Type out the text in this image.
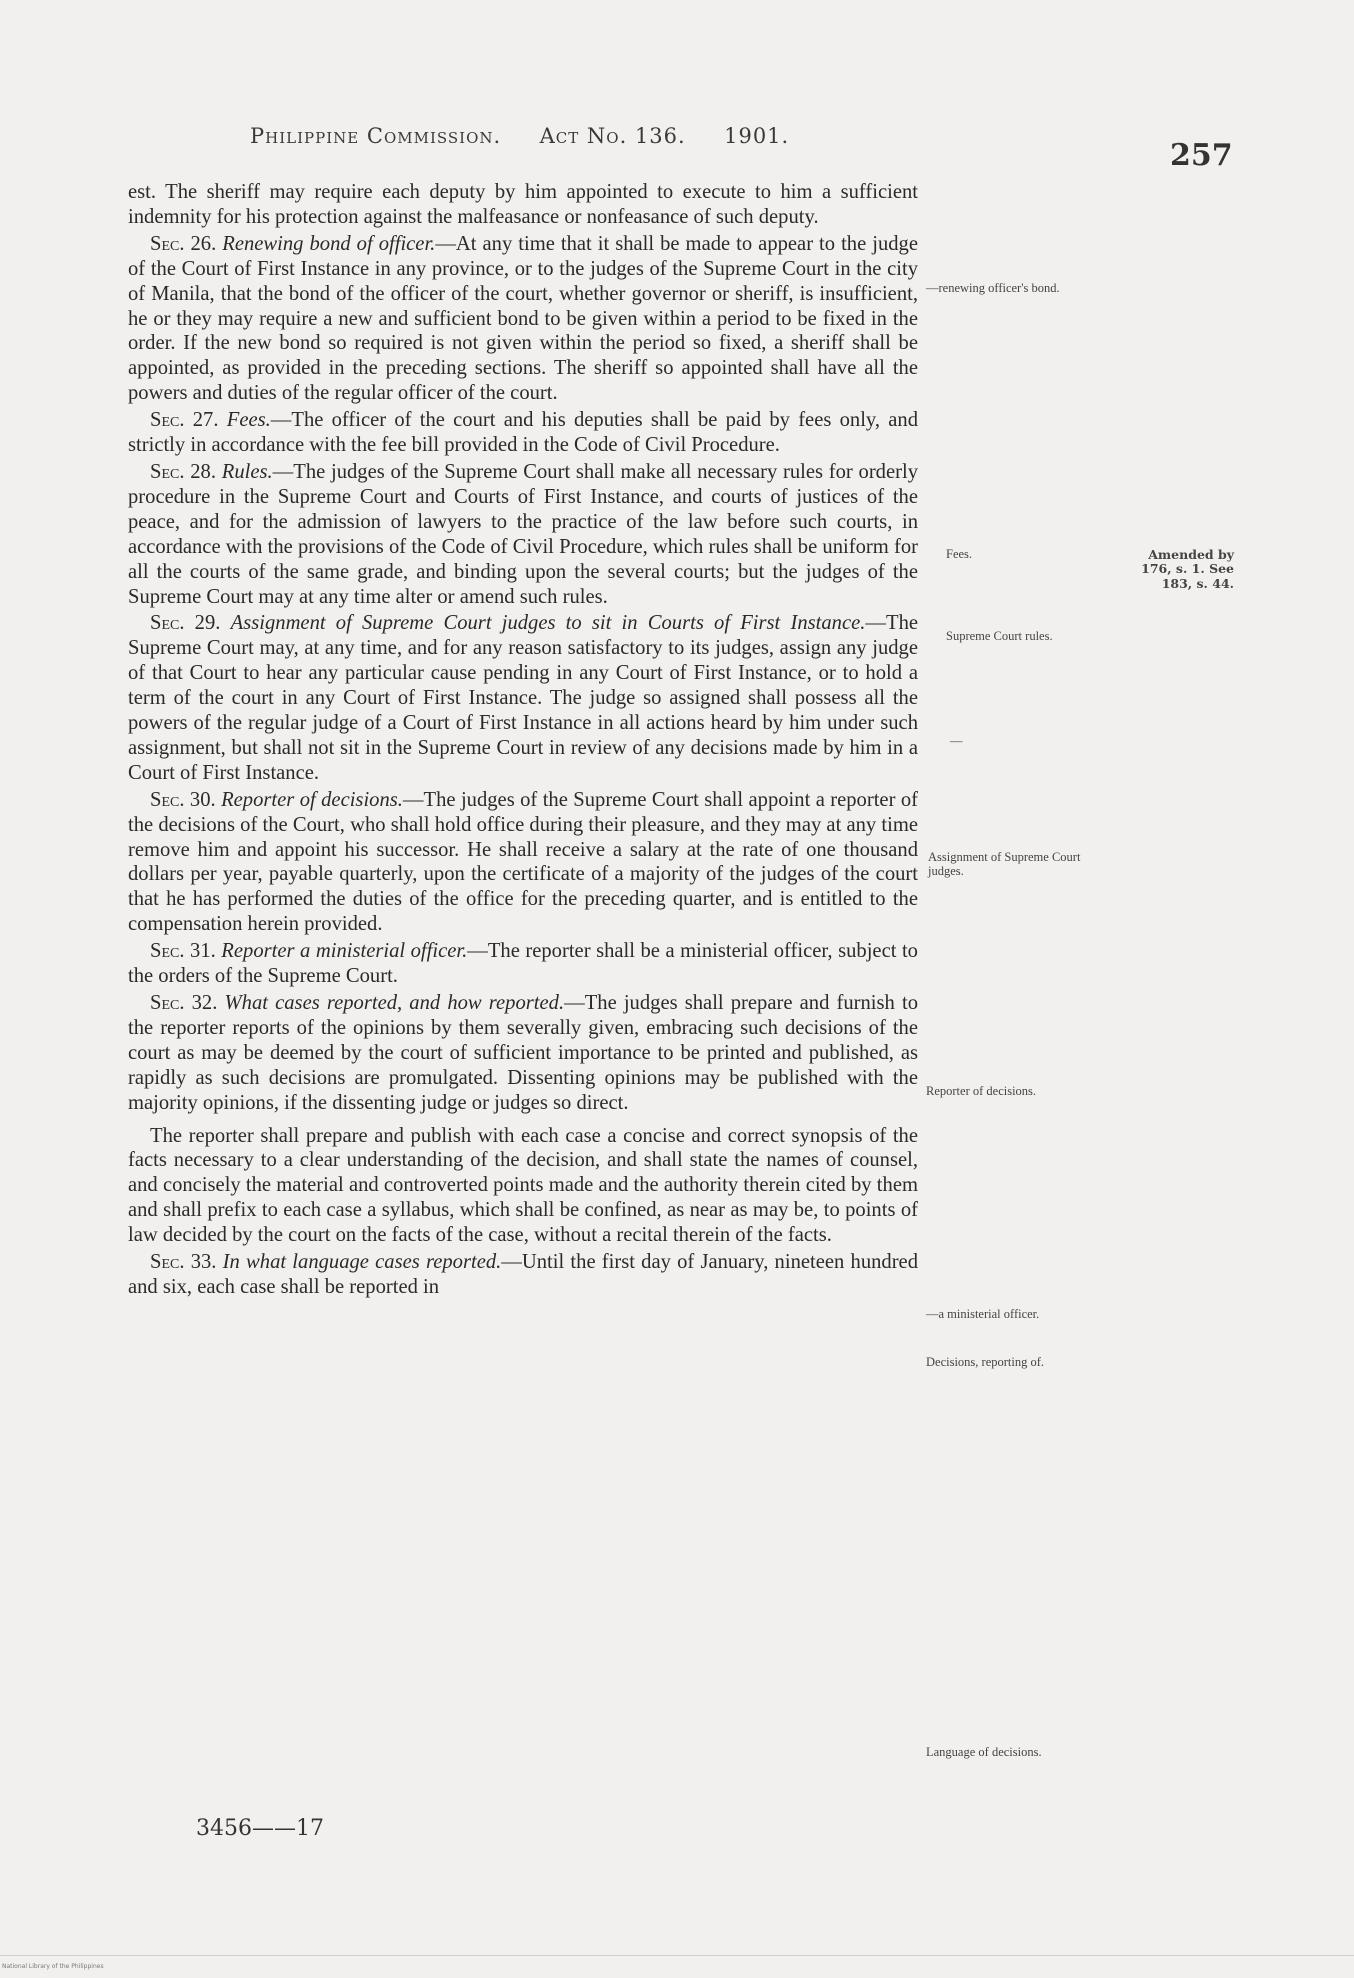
Philippine Commission. Act No. 136. 1901.
257

est. The sheriff may require each deputy by him appointed to execute to him a sufficient indemnity for his protection against the malfeasance or nonfeasance of such deputy.

Sec. 26. Renewing bond of officer.—At any time that it shall be made to appear to the judge of the Court of First Instance in any province, or to the judges of the Supreme Court in the city of Manila, that the bond of the officer of the court, whether governor or sheriff, is insufficient, he or they may require a new and sufficient bond to be given within a period to be fixed in the order. If the new bond so required is not given within the period so fixed, a sheriff shall be appointed, as provided in the preceding sections. The sheriff so appointed shall have all the powers and duties of the regular officer of the court.

Sec. 27. Fees.—The officer of the court and his deputies shall be paid by fees only, and strictly in accordance with the fee bill provided in the Code of Civil Procedure.

Sec. 28. Rules.—The judges of the Supreme Court shall make all necessary rules for orderly procedure in the Supreme Court and Courts of First Instance, and courts of justices of the peace, and for the admission of lawyers to the practice of the law before such courts, in accordance with the provisions of the Code of Civil Procedure, which rules shall be uniform for all the courts of the same grade, and binding upon the several courts; but the judges of the Supreme Court may at any time alter or amend such rules.

Sec. 29. Assignment of Supreme Court judges to sit in Courts of First Instance.—The Supreme Court may, at any time, and for any reason satisfactory to its judges, assign any judge of that Court to hear any particular cause pending in any Court of First Instance, or to hold a term of the court in any Court of First Instance. The judge so assigned shall possess all the powers of the regular judge of a Court of First Instance in all actions heard by him under such assignment, but shall not sit in the Supreme Court in review of any decisions made by him in a Court of First Instance.

Sec. 30. Reporter of decisions.—The judges of the Supreme Court shall appoint a reporter of the decisions of the Court, who shall hold office during their pleasure, and they may at any time remove him and appoint his successor. He shall receive a salary at the rate of one thousand dollars per year, payable quarterly, upon the certificate of a majority of the judges of the court that he has performed the duties of the office for the preceding quarter, and is entitled to the compensation herein provided.

Sec. 31. Reporter a ministerial officer.—The reporter shall be a ministerial officer, subject to the orders of the Supreme Court.

Sec. 32. What cases reported, and how reported.—The judges shall prepare and furnish to the reporter reports of the opinions by them severally given, embracing such decisions of the court as may be deemed by the court of sufficient importance to be printed and published, as rapidly as such decisions are promulgated. Dissenting opinions may be published with the majority opinions, if the dissenting judge or judges so direct.

The reporter shall prepare and publish with each case a concise and correct synopsis of the facts necessary to a clear understanding of the decision, and shall state the names of counsel, and concisely the material and controverted points made and the authority therein cited by them and shall prefix to each case a syllabus, which shall be confined, as near as may be, to points of law decided by the court on the facts of the case, without a recital therein of the facts.

Sec. 33. In what language cases reported.—Until the first day of January, nineteen hundred and six, each case shall be reported in

—renewing officer's bond.
Fees.	Amended by 176, s. 1. See 183, s. 44.
Supreme Court rules.
—
Assignment of Supreme Court judges.
Reporter of decisions.
—a ministerial officer.
Decisions, reporting of.
Language of decisions.
3456——17
National Library of the Philippines
